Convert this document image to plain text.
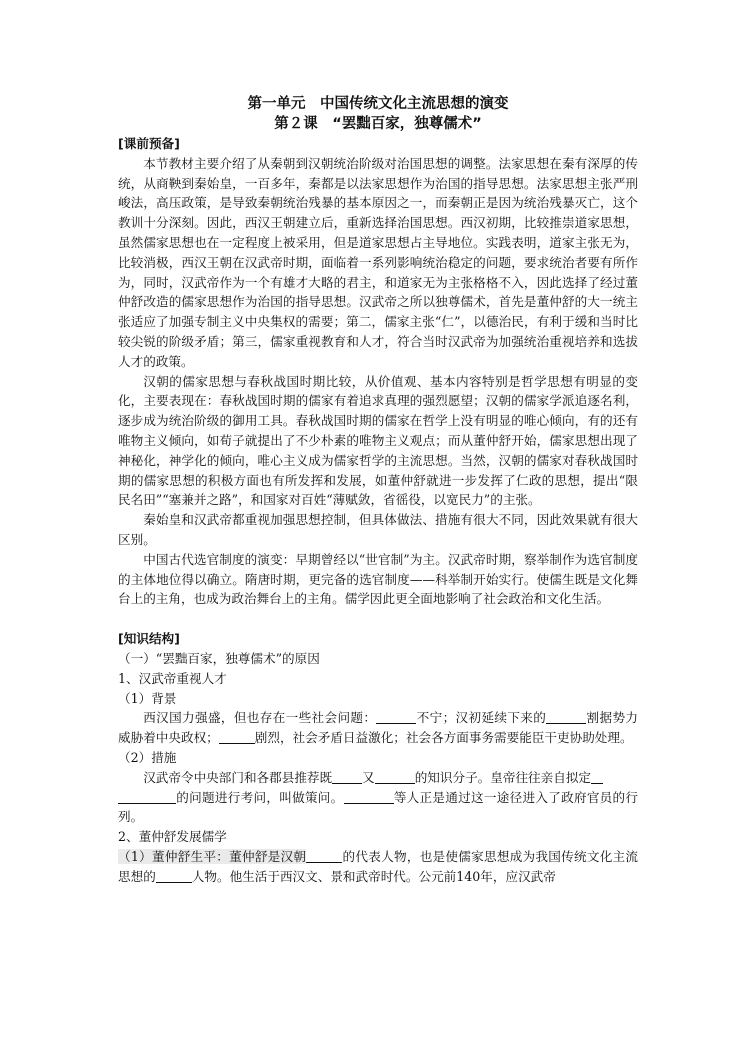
第一单元　中国传统文化主流思想的演变
第２课　“罢黜百家，独尊儒术”
[课前预备]

本节教材主要介绍了从秦朝到汉朝统治阶级对治国思想的调整。法家思想在秦有深厚的传统，从商鞅到秦始皇，一百多年，秦都是以法家思想作为治国的指导思想。法家思想主张严刑峻法，高压政策，是导致秦朝统治残暴的基本原因之一，而秦朝正是因为统治残暴灭亡，这个教训十分深刻。因此，西汉王朝建立后，重新选择治国思想。西汉初期，比较推崇道家思想，虽然儒家思想也在一定程度上被采用，但是道家思想占主导地位。实践表明，道家主张无为，比较消极，西汉王朝在汉武帝时期，面临着一系列影响统治稳定的问题，要求统治者要有所作为，同时，汉武帝作为一个有雄才大略的君主，和道家无为主张格格不入，因此选择了经过董仲舒改造的儒家思想作为治国的指导思想。汉武帝之所以独尊儒术，首先是董仲舒的大一统主张适应了加强专制主义中央集权的需要；第二，儒家主张“仁”，以德治民，有利于缓和当时比较尖锐的阶级矛盾；第三，儒家重视教育和人才，符合当时汉武帝为加强统治重视培养和选拔人才的政策。

汉朝的儒家思想与春秋战国时期比较，从价值观、基本内容特别是哲学思想有明显的变化，主要表现在：春秋战国时期的儒家有着追求真理的强烈愿望；汉朝的儒家学派追逐名利，逐步成为统治阶级的御用工具。春秋战国时期的儒家在哲学上没有明显的唯心倾向，有的还有唯物主义倾向，如荀子就提出了不少朴素的唯物主义观点；而从董仲舒开始，儒家思想出现了神秘化，神学化的倾向，唯心主义成为儒家哲学的主流思想。当然，汉朝的儒家对春秋战国时期的儒家思想的积极方面也有所发挥和发展，如董仲舒就进一步发挥了仁政的思想，提出“限民名田”“塞兼并之路”，和国家对百姓“薄赋敛，省徭役，以宽民力”的主张。

秦始皇和汉武帝都重视加强思想控制，但具体做法、措施有很大不同，因此效果就有很大区别。

中国古代选官制度的演变：早期曾经以“世官制”为主。汉武帝时期，察举制作为选官制度的主体地位得以确立。隋唐时期，更完备的选官制度——科举制开始实行。使儒生既是文化舞台上的主角，也成为政治舞台上的主角。儒学因此更全面地影响了社会政治和文化生活。

[知识结构]
（一）“罢黜百家，独尊儒术”的原因
1、汉武帝重视人才
（1）背景

西汉国力强盛，但也存在一些社会问题：	不宁；汉初延续下来的	割据势力威胁着中央政权；	剧烈，社会矛盾日益激化；社会各方面事务需要能臣干吏协助处理。

（2）措施

汉武帝令中央部门和各郡县推荐既 又	的知识分子。皇帝往往亲自拟定

的问题进行考问，叫做策问。	等人正是通过这一途径进入了政府官员的行列。

2、董仲舒发展儒学

（1）董仲舒生平：董仲舒是汉朝	的代表人物，也是使儒家思想成为我国传统文化主流思想的	人物。他生活于西汉文、景和武帝时代。公元前140年，应汉武帝
